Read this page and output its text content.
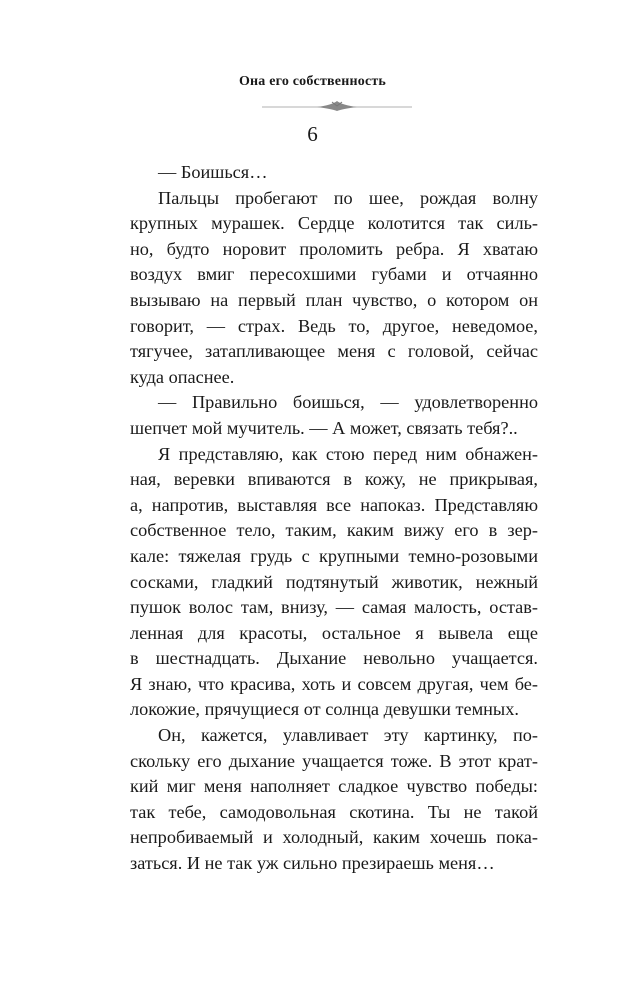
Она его собственность
6
— Боишься…
Пальцы пробегают по шее, рождая волну
крупных мурашек. Сердце колотится так силь-
но, будто норовит проломить ребра. Я хватаю
воздух вмиг пересохшими губами и отчаянно
вызываю на первый план чувство, о котором он
говорит, — страх. Ведь то, другое, неведомое,
тягучее, затапливающее меня с головой, сейчас
куда опаснее.
— Правильно боишься, — удовлетворенно
шепчет мой мучитель. — А может, связать тебя?..
Я представляю, как стою перед ним обнажен-
ная, веревки впиваются в кожу, не прикрывая,
а, напротив, выставляя все напоказ. Представляю
собственное тело, таким, каким вижу его в зер-
кале: тяжелая грудь с крупными темно-розовыми
сосками, гладкий подтянутый животик, нежный
пушок волос там, внизу, — самая малость, остав-
ленная для красоты, остальное я вывела еще
в шестнадцать. Дыхание невольно учащается.
Я знаю, что красива, хоть и совсем другая, чем бе-
локожие, прячущиеся от солнца девушки темных.
Он, кажется, улавливает эту картинку, по-
скольку его дыхание учащается тоже. В этот крат-
кий миг меня наполняет сладкое чувство победы:
так тебе, самодовольная скотина. Ты не такой
непробиваемый и холодный, каким хочешь пока-
заться. И не так уж сильно презираешь меня…
